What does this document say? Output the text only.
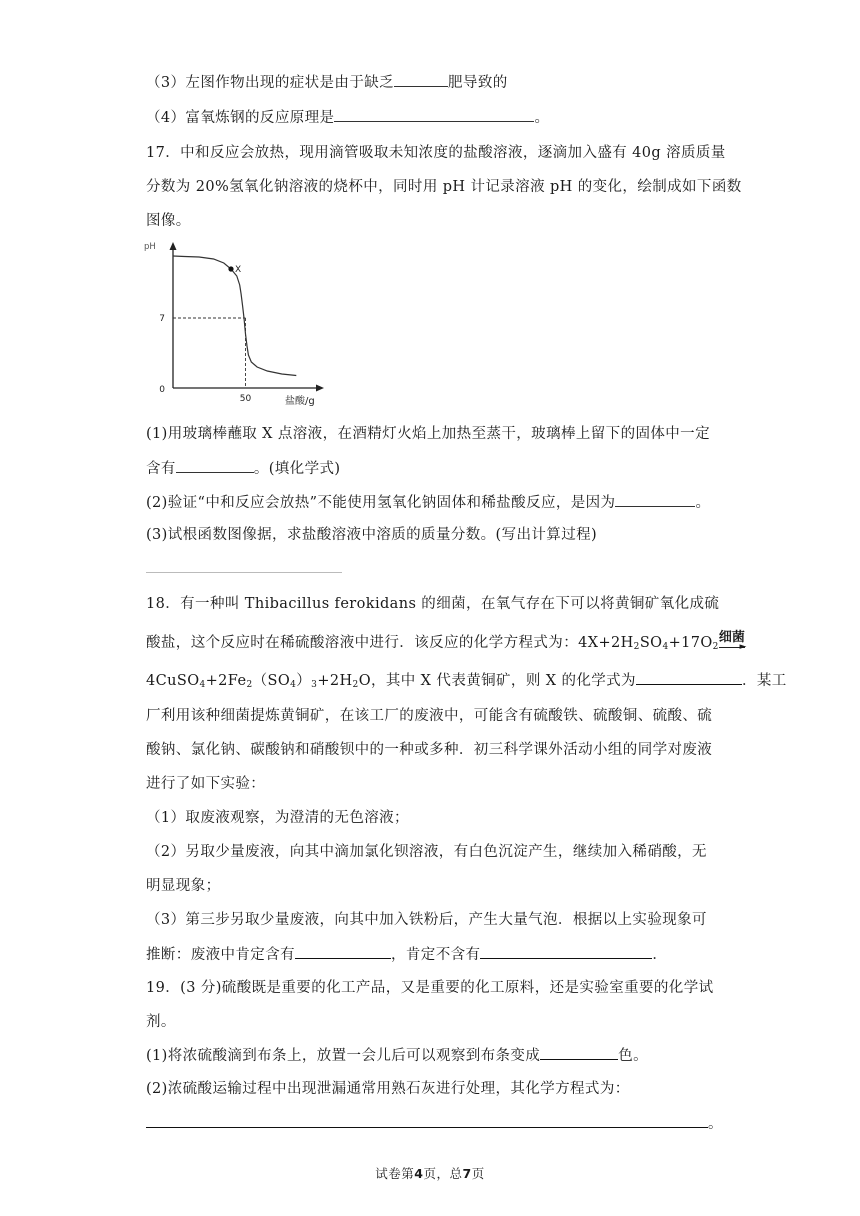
（3）左图作物出现的症状是由于缺乏	肥导致的
（4）富氧炼钢的反应原理是	。
17．中和反应会放热，现用滴管吸取未知浓度的盐酸溶液，逐滴加入盛有 40g 溶质质量
分数为 20%氢氧化钠溶液的烧杯中，同时用 pH 计记录溶液 pH 的变化，绘制成如下函数
图像。
X
7
0
50
pH
盐酸/g
(1)用玻璃棒蘸取 X 点溶液，在酒精灯火焰上加热至蒸干，玻璃棒上留下的固体中一定
含有	。(填化学式)
(2)验证“中和反应会放热”不能使用氢氧化钠固体和稀盐酸反应，是因为	。
(3)试根函数图像据，求盐酸溶液中溶质的质量分数。(写出计算过程)
18．有一种叫 Thibacillus ferokidans 的细菌，在氧气存在下可以将黄铜矿氧化成硫
酸盐，这个反应时在稀硫酸溶液中进行．该反应的化学方程式为：$4X+2H_2SO_4+17O_2$
细菌
►
$4CuSO_4+2Fe_2(SO_4)_3+2H_2O$，其中 X 代表黄铜矿，则 X 的化学式为	．某工
厂利用该种细菌提炼黄铜矿，在该工厂的废液中，可能含有硫酸铁、硫酸铜、硫酸、硫
酸钠、氯化钠、碳酸钠和硝酸钡中的一种或多种．初三科学课外活动小组的同学对废液
进行了如下实验：
（1）取废液观察，为澄清的无色溶液；
（2）另取少量废液，向其中滴加氯化钡溶液，有白色沉淀产生，继续加入稀硝酸，无
明显现象；
（3）第三步另取少量废液，向其中加入铁粉后，产生大量气泡．根据以上实验现象可
推断：废液中肯定含有	，肯定不含有	．
19．(3 分)硫酸既是重要的化工产品，又是重要的化工原料，还是实验室重要的化学试
剂。
(1)将浓硫酸滴到布条上，放置一会儿后可以观察到布条变成	色。
(2)浓硫酸运输过程中出现泄漏通常用熟石灰进行处理，其化学方程式为：
。
试卷第4页，总7页
